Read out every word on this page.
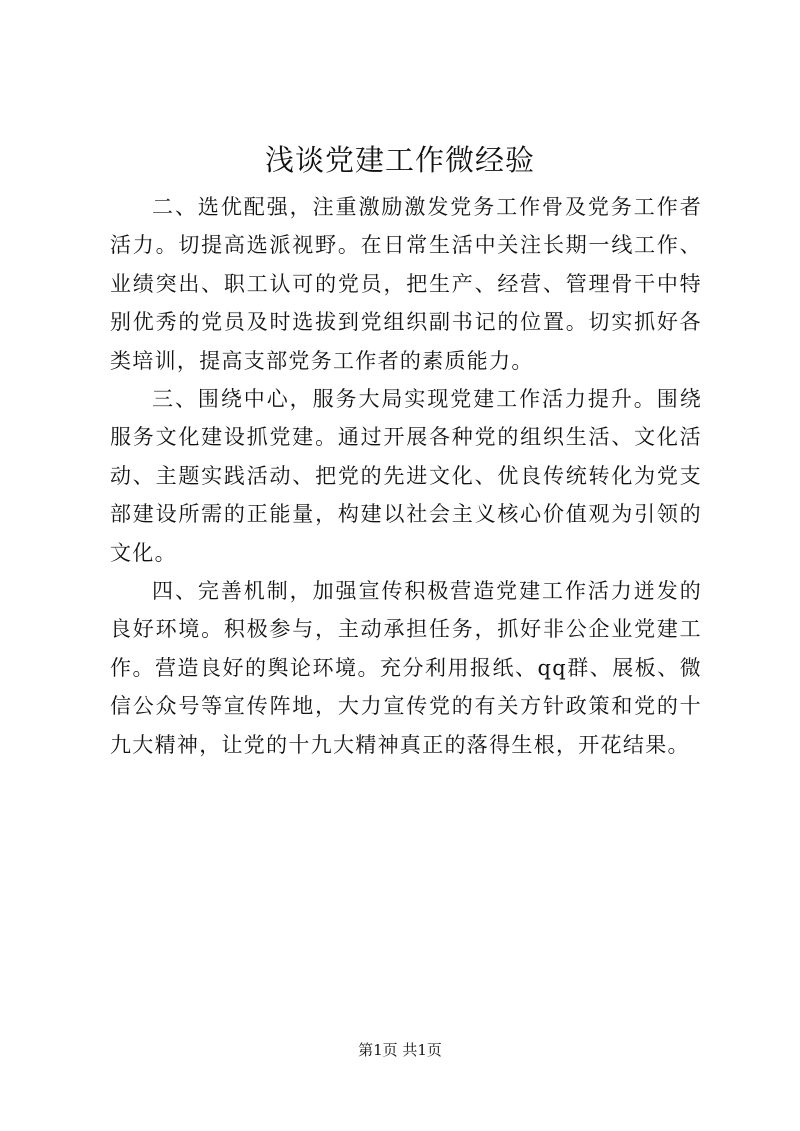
浅谈党建工作微经验

二、选优配强，注重激励激发党务工作骨及党务工作者活力。切提高选派视野。在日常生活中关注长期一线工作、业绩突出、职工认可的党员，把生产、经营、管理骨干中特别优秀的党员及时选拔到党组织副书记的位置。切实抓好各类培训，提高支部党务工作者的素质能力。

三、围绕中心，服务大局实现党建工作活力提升。围绕服务文化建设抓党建。通过开展各种党的组织生活、文化活动、主题实践活动、把党的先进文化、优良传统转化为党支部建设所需的正能量，构建以社会主义核心价值观为引领的文化。

四、完善机制，加强宣传积极营造党建工作活力迸发的良好环境。积极参与，主动承担任务，抓好非公企业党建工作。营造良好的舆论环境。充分利用报纸、qq群、展板、微信公众号等宣传阵地，大力宣传党的有关方针政策和党的十九大精神，让党的十九大精神真正的落得生根，开花结果。

第1页 共1页
